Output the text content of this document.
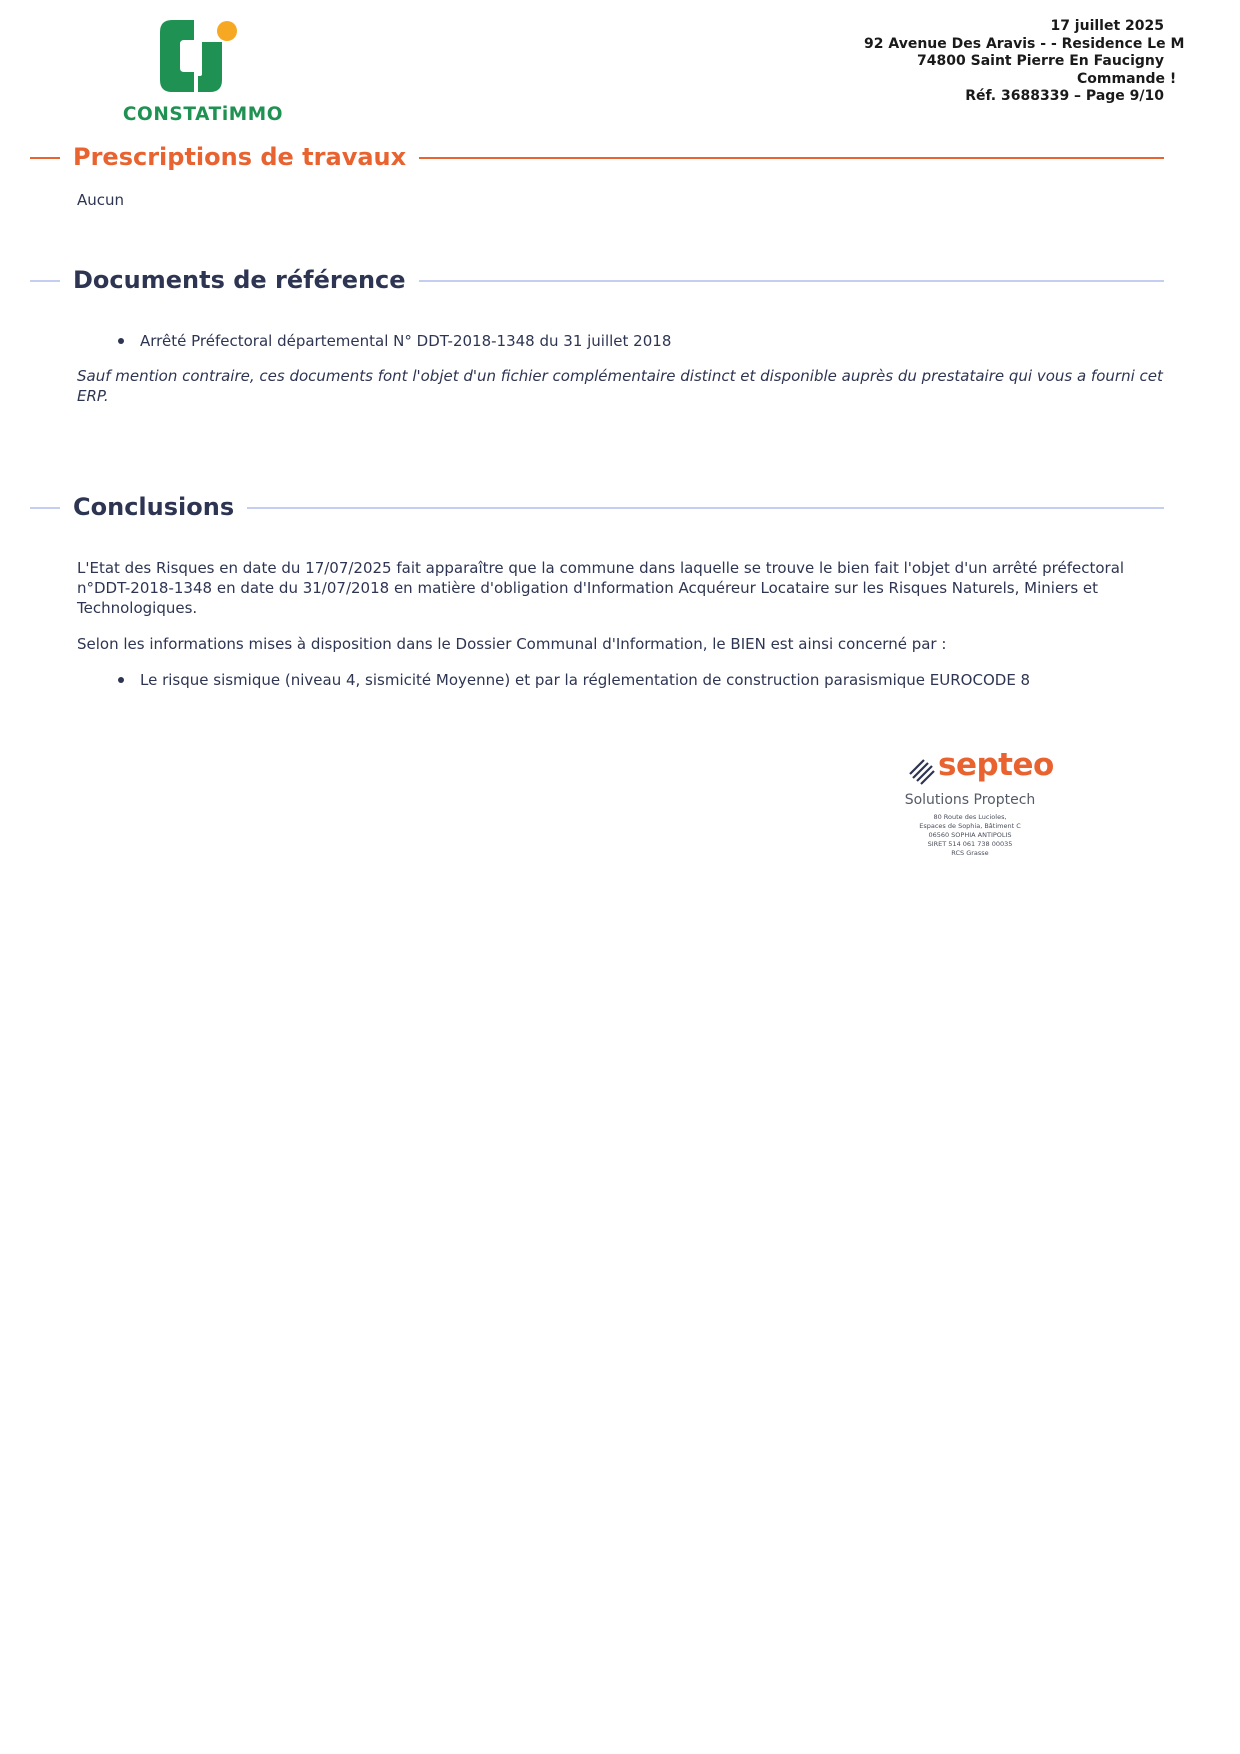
CONSTATiMMO
17 juillet 2025
92 Avenue Des Aravis - - Residence Le M
74800 Saint Pierre En Faucigny
Commande !
Réf. 3688339 – Page 9/10
Prescriptions de travaux
Aucun
Documents de référence
Arrêté Préfectoral départemental N° DDT-2018-1348 du 31 juillet 2018
Sauf mention contraire, ces documents font l'objet d'un fichier complémentaire distinct et disponible auprès du prestataire qui vous a fourni cet ERP.
Conclusions
L'Etat des Risques en date du 17/07/2025 fait apparaître que la commune dans laquelle se trouve le bien fait l'objet d'un arrêté préfectoral n°DDT-2018-1348 en date du 31/07/2018 en matière d'obligation d'Information Acquéreur Locataire sur les Risques Naturels, Miniers et Technologiques.
Selon les informations mises à disposition dans le Dossier Communal d'Information, le BIEN est ainsi concerné par :
Le risque sismique (niveau 4, sismicité Moyenne) et par la réglementation de construction parasismique EUROCODE 8
septeo
Solutions Proptech
80 Route des Lucioles,
Espaces de Sophia, Bâtiment C
06560 SOPHIA ANTIPOLIS
SIRET 514 061 738 00035
RCS Grasse
